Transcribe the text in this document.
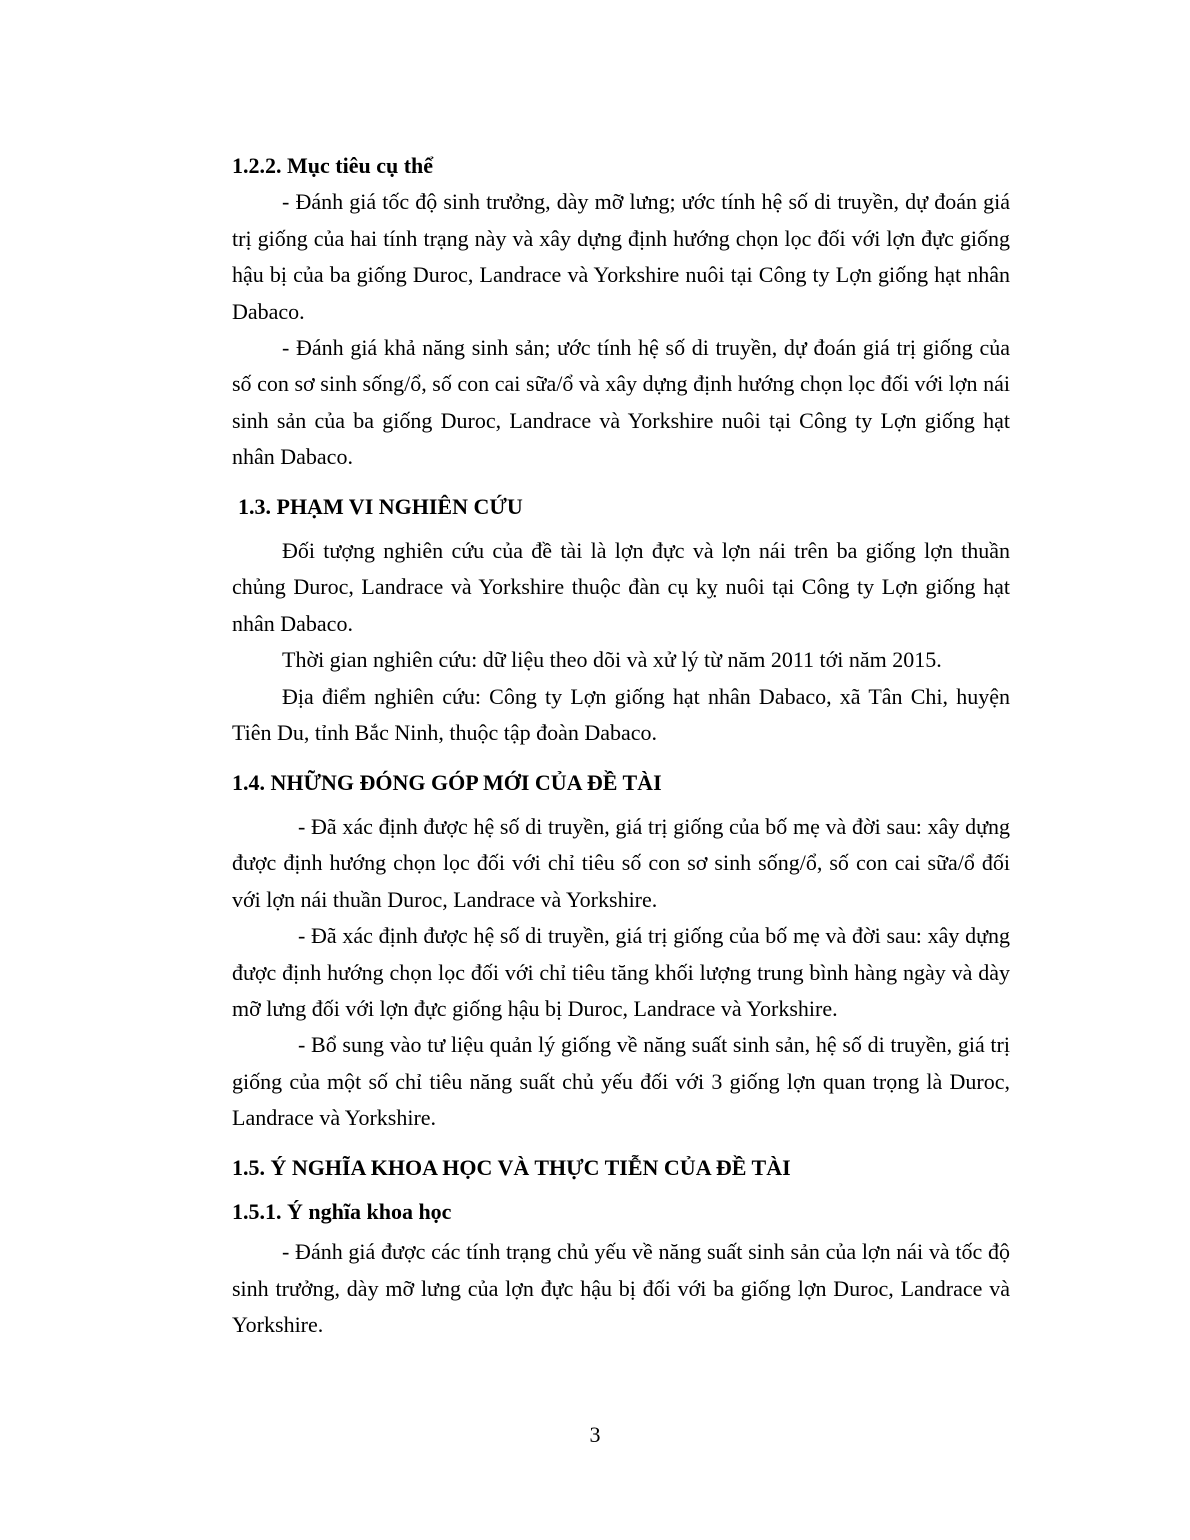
1.2.2. Mục tiêu cụ thể

- Đánh giá tốc độ sinh trưởng, dày mỡ lưng; ước tính hệ số di truyền, dự đoán giá trị giống của hai tính trạng này và xây dựng định hướng chọn lọc đối với lợn đực giống hậu bị của ba giống Duroc, Landrace và Yorkshire nuôi tại Công ty Lợn giống hạt nhân Dabaco.

- Đánh giá khả năng sinh sản; ước tính hệ số di truyền, dự đoán giá trị giống của số con sơ sinh sống/ổ, số con cai sữa/ổ và xây dựng định hướng chọn lọc đối với lợn nái sinh sản của ba giống Duroc, Landrace và Yorkshire nuôi tại Công ty Lợn giống hạt nhân Dabaco.

1.3. PHẠM VI NGHIÊN CỨU

Đối tượng nghiên cứu của đề tài là lợn đực và lợn nái trên ba giống lợn thuần chủng Duroc, Landrace và Yorkshire thuộc đàn cụ kỵ nuôi tại Công ty Lợn giống hạt nhân Dabaco.

Thời gian nghiên cứu: dữ liệu theo dõi và xử lý từ năm 2011 tới năm 2015.

Địa điểm nghiên cứu: Công ty Lợn giống hạt nhân Dabaco, xã Tân Chi, huyện Tiên Du, tỉnh Bắc Ninh, thuộc tập đoàn Dabaco.

1.4. NHỮNG ĐÓNG GÓP MỚI CỦA ĐỀ TÀI

- Đã xác định được hệ số di truyền, giá trị giống của bố mẹ và đời sau: xây dựng được định hướng chọn lọc đối với chỉ tiêu số con sơ sinh sống/ổ, số con cai sữa/ổ đối với lợn nái thuần Duroc, Landrace và Yorkshire.

- Đã xác định được hệ số di truyền, giá trị giống của bố mẹ và đời sau: xây dựng được định hướng chọn lọc đối với chỉ tiêu tăng khối lượng trung bình hàng ngày và dày mỡ lưng đối với lợn đực giống hậu bị Duroc, Landrace và Yorkshire.

- Bổ sung vào tư liệu quản lý giống về năng suất sinh sản, hệ số di truyền, giá trị giống của một số chỉ tiêu năng suất chủ yếu đối với 3 giống lợn quan trọng là Duroc, Landrace và Yorkshire.

1.5. Ý NGHĨA KHOA HỌC VÀ THỰC TIỄN CỦA ĐỀ TÀI
1.5.1. Ý nghĩa khoa học

- Đánh giá được các tính trạng chủ yếu về năng suất sinh sản của lợn nái và tốc độ sinh trưởng, dày mỡ lưng của lợn đực hậu bị đối với ba giống lợn Duroc, Landrace và Yorkshire.

3
